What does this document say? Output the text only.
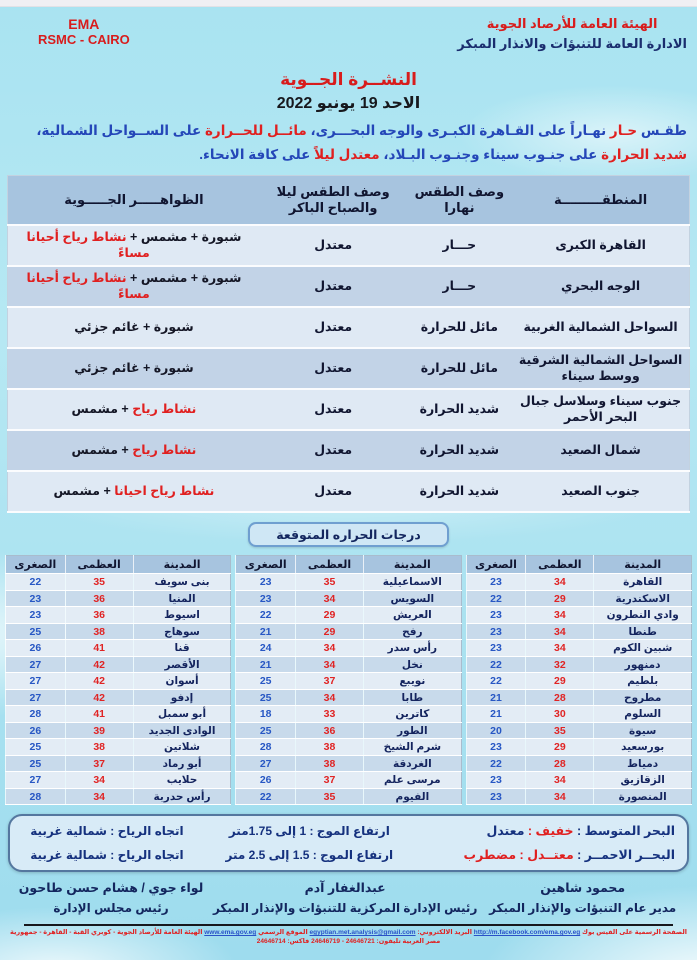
الهيئة العامة للأرصاد الجوية
الادارة العامة للتنبؤات والانذار المبكر
EMA
RSMC - CAIRO
النشــرة الجــوية
الاحد 19 يونيو 2022
طقـس حـار نهـاراً على القـاهرة الكبـرى والوجه البحـــرى، مائــل للحــرارة على الســواحل الشمالية، شديد الحرارة على جنـوب سيناء وجنـوب البـلاد، معتدل ليلاً على كافة الانحاء.
المنطقـــــــــة	وصف الطقس نهارا	وصف الطقس ليلا والصباح الباكر	الظواهـــــر الجـــــوية
القاهرة الكبرى	حـــار	معتدل	شبورة + مشمس + نشاط رياح أحيانا مساءً
الوجه البحري	حـــار	معتدل	شبورة + مشمس + نشاط رياح أحيانا مساءً
السواحل الشمالية الغربية	مائل للحرارة	معتدل	شبورة + غائم جزئي
السواحل الشمالية الشرقية ووسط سيناء	مائل للحرارة	معتدل	شبورة + غائم جزئي
جنوب سيناء وسلاسل جبال البحر الأحمر	شديد الحرارة	معتدل	نشاط رياح + مشمس
شمال الصعيد	شديد الحرارة	معتدل	نشاط رياح + مشمس
جنوب الصعيد	شديد الحرارة	معتدل	نشاط رياح احيانا + مشمس
درجات الحراره المتوقعة
المدينة	العظمى	الصغرى
القاهرة	34	23
الاسكندرية	29	22
وادي النطرون	34	23
طنطا	34	23
شبين الكوم	34	23
دمنهور	32	22
بلطيم	29	22
مطروح	28	21
السلوم	30	21
سيوة	35	20
بورسعيد	29	23
دمياط	28	22
الزقازيق	34	23
المنصورة	34	23
المدينة	العظمى	الصغرى
الاسماعيلية	35	23
السويس	34	23
العريش	29	22
رفح	29	21
رأس سدر	34	24
نخل	34	21
نويبع	37	25
طابا	34	25
كاترين	33	18
الطور	36	25
شرم الشيخ	38	28
الغردقة	38	27
مرسى علم	37	26
الفيوم	35	22
المدينة	العظمى	الصغرى
بنى سويف	35	22
المنيا	36	23
اسيوط	36	23
سوهاج	38	25
قنا	41	26
الأقصر	42	27
أسوان	42	27
إدفو	42	27
أبو سمبل	41	28
الوادى الجديد	39	26
شلاتين	38	25
أبو رماد	37	25
حلايب	34	27
رأس حدربة	34	28
البحر المتوسط : خفيف : معتدل
ارتفاع الموج : 1 إلى 1.75متر
اتجاه الرياح : شمالية غربية
البحــر الاحمــر : معتــدل : مضطرب
ارتفاع الموج : 1.5 إلى 2.5 متر
اتجاه الرياح : شمالية غربية
محمود شاهين
مدير عام التنبؤات والإنذار المبكر
عبدالغفار آدم
رئيس الإدارة المركزية للتنبؤات والإنذار المبكر
لواء جوي / هشام حسن طاحون
رئيس مجلس الإدارة
الصفحة الرسمية على الفيس بوك http://m.facebook.com/ema.gov.eg البريد الالكتروني: egyptian.met.analysis@gmail.com الموقع الرسمي www.ema.gov.eg الهيئة العامة للأرصاد الجوية - كوبري القبة - القاهرة - جمهورية مصر العربية تليفون: 24646721 - 24646719 فاكس: 24646714
